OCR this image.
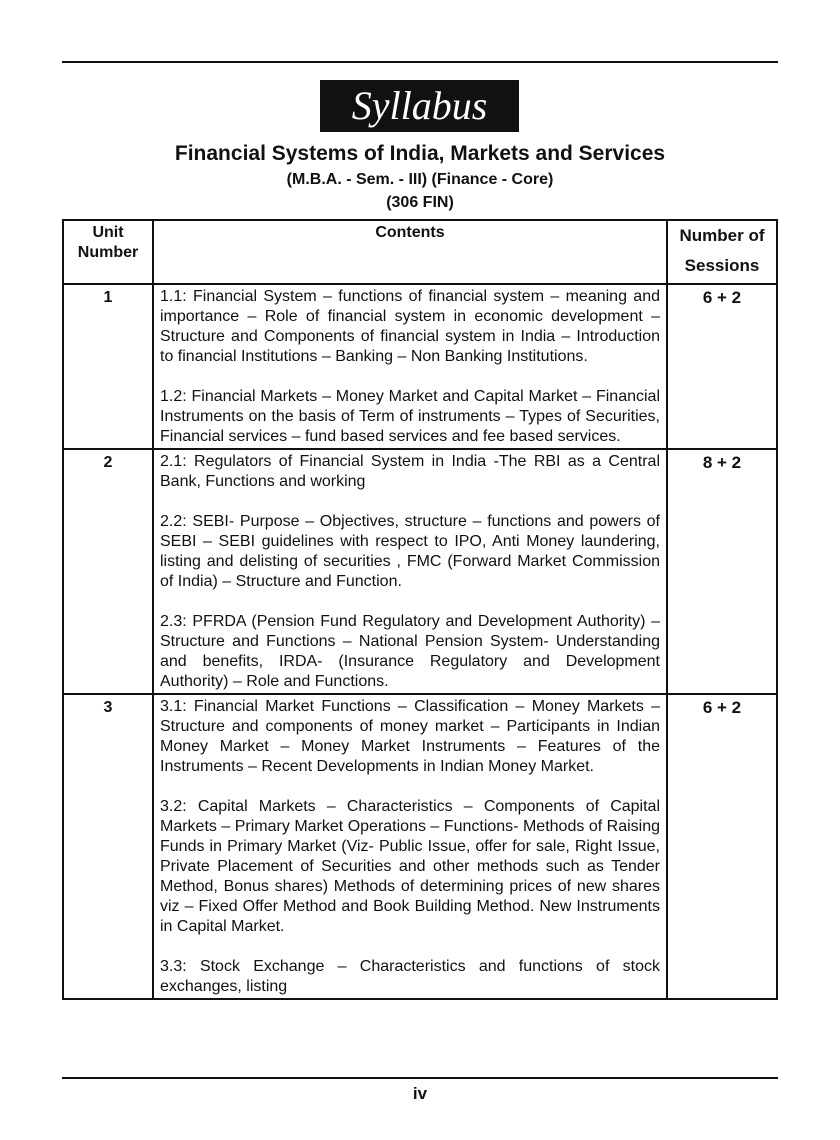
Syllabus
Financial Systems of India, Markets and Services
(M.B.A. - Sem. - III) (Finance - Core)
(306 FIN)
Unit Number	Contents	Number of Sessions
1	1.1: Financial System – functions of financial system – meaning and importance – Role of financial system in economic development – Structure and Components of financial system in India – Introduction to financial Institutions – Banking – Non Banking Institutions.
1.2: Financial Markets – Money Market and Capital Market – Financial Instruments on the basis of Term of instruments – Types of Securities, Financial services – fund based services and fee based services.	6 + 2
2	2.1: Regulators of Financial System in India -The RBI as a Central Bank, Functions and working
2.2: SEBI- Purpose – Objectives, structure – functions and powers of SEBI – SEBI guidelines with respect to IPO, Anti Money laundering, listing and delisting of securities , FMC (Forward Market Commission of India) – Structure and Function.
2.3: PFRDA (Pension Fund Regulatory and Development Authority) – Structure and Functions – National Pension System- Understanding and benefits, IRDA- (Insurance Regulatory and Development Authority) – Role and Functions.	8 + 2
3	3.1: Financial Market Functions – Classification – Money Markets – Structure and components of money market – Participants in Indian Money Market – Money Market Instruments – Features of the Instruments – Recent Developments in Indian Money Market.
3.2: Capital Markets – Characteristics – Components of Capital Markets – Primary Market Operations – Functions- Methods of Raising Funds in Primary Market (Viz- Public Issue, offer for sale, Right Issue, Private Placement of Securities and other methods such as Tender Method, Bonus shares) Methods of determining prices of new shares viz – Fixed Offer Method and Book Building Method. New Instruments in Capital Market.
3.3: Stock Exchange – Characteristics and functions of stock exchanges, listing	6 + 2
iv
